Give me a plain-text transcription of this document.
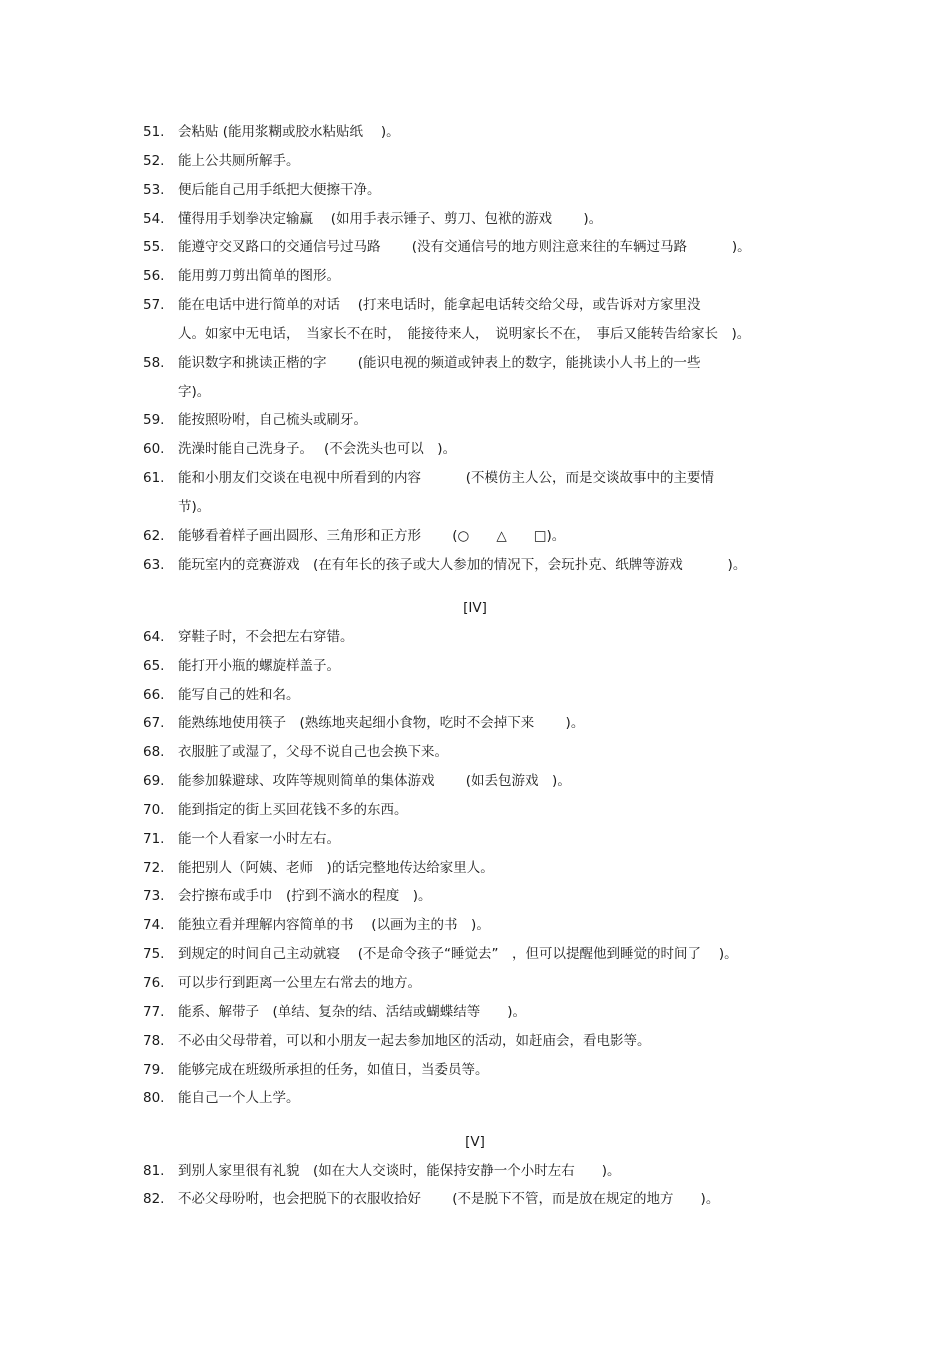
51. 会粘贴 (能用浆糊或胶水粘贴纸　 )。
52. 能上公共厕所解手。
53. 便后能自己用手纸把大便擦干净。
54. 懂得用手划拳决定输赢　 (如用手表示锤子、剪刀、包袱的游戏　　 )。
55. 能遵守交叉路口的交通信号过马路　　 (没有交通信号的地方则注意来往的车辆过马路　　　 )。
56. 能用剪刀剪出简单的图形。
57. 能在电话中进行简单的对话　 (打来电话时，能拿起电话转交给父母，或告诉对方家里没
人。如家中无电话，　当家长不在时，　能接待来人，　说明家长不在，　事后又能转告给家长　)。
58. 能识数字和挑读正楷的字　　 (能识电视的频道或钟表上的数字，能挑读小人书上的一些
字)。
59. 能按照吩咐，自己梳头或刷牙。
60. 洗澡时能自己洗身子。　 (不会洗头也可以　)。
61. 能和小朋友们交谈在电视中所看到的内容　　　 (不模仿主人公，而是交谈故事中的主要情
节)。
62. 能够看着样子画出圆形、三角形和正方形　　 (○　　△　　□)。
63. 能玩室内的竞赛游戏　(在有年长的孩子或大人参加的情况下，会玩扑克、纸牌等游戏　　　 )。
[IV]
64. 穿鞋子时，不会把左右穿错。
65. 能打开小瓶的螺旋样盖子。
66. 能写自己的姓和名。
67. 能熟练地使用筷子　(熟练地夹起细小食物，吃时不会掉下来　　 )。
68. 衣服脏了或湿了，父母不说自己也会换下来。
69. 能参加躲避球、攻阵等规则简单的集体游戏　　 (如丢包游戏　)。
70. 能到指定的街上买回花钱不多的东西。
71. 能一个人看家一小时左右。
72. 能把别人（阿姨、老师　)的话完整地传达给家里人。
73. 会拧擦布或手巾　(拧到不滴水的程度　)。
74. 能独立看并理解内容简单的书　 (以画为主的书　)。
75. 到规定的时间自己主动就寝　 (不是命令孩子“睡觉去”　，但可以提醒他到睡觉的时间了　 )。
76. 可以步行到距离一公里左右常去的地方。
77. 能系、解带子　(单结、复杂的结、活结或蝴蝶结等　　)。
78. 不必由父母带着，可以和小朋友一起去参加地区的活动，如赶庙会，看电影等。
79. 能够完成在班级所承担的任务，如值日，当委员等。
80. 能自己一个人上学。
[V]
81. 到别人家里很有礼貌　(如在大人交谈时，能保持安静一个小时左右　　)。
82. 不必父母吩咐，也会把脱下的衣服收拾好　　 (不是脱下不管，而是放在规定的地方　　)。
